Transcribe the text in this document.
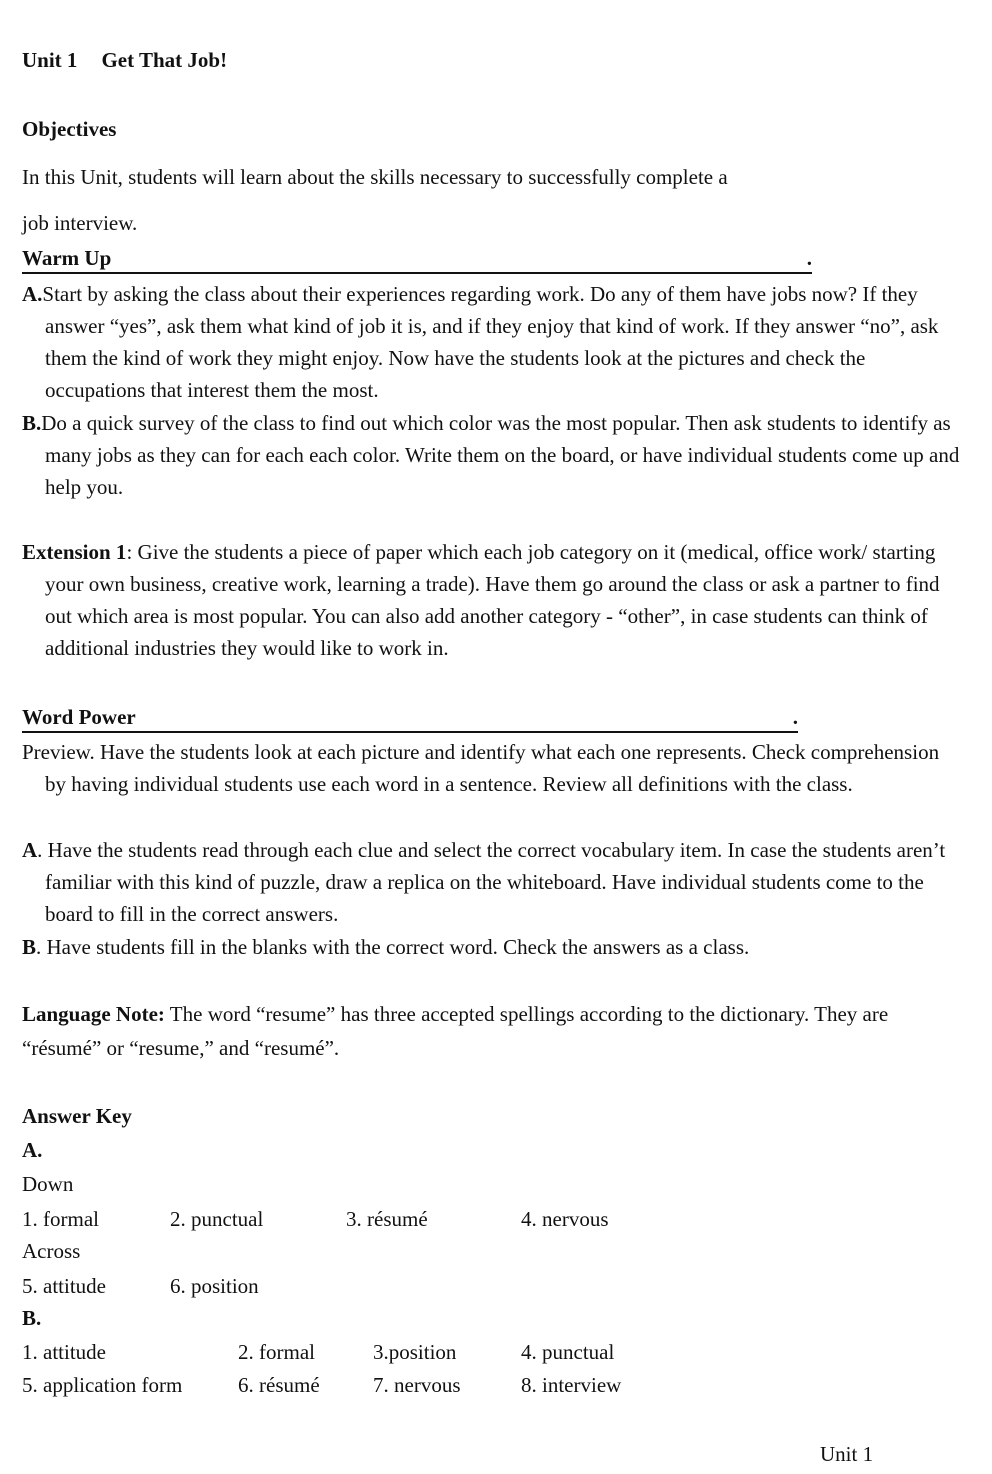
Unit 1 Get That Job!
Objectives
In this Unit, students will learn about the skills necessary to successfully complete a
job interview.
Warm Up	.
A.Start by asking the class about their experiences regarding work. Do any of them have jobs now? If they answer “yes”, ask them what kind of job it is, and if they enjoy that kind of work. If they answer “no”, ask them the kind of work they might enjoy. Now have the students look at the pictures and check the occupations that interest them the most.
B.Do a quick survey of the class to find out which color was the most popular. Then ask students to identify as many jobs as they can for each each color. Write them on the board, or have individual students come up and help you.
Extension 1: Give the students a piece of paper which each job category on it (medical, office work/ starting your own business, creative work, learning a trade). Have them go around the class or ask a partner to find out which area is most popular. You can also add another category - “other”, in case students can think of additional industries they would like to work in.
Word Power	.
Preview. Have the students look at each picture and identify what each one represents. Check comprehension by having individual students use each word in a sentence. Review all definitions with the class.
A. Have the students read through each clue and select the correct vocabulary item. In case the students aren’t familiar with this kind of puzzle, draw a replica on the whiteboard. Have individual students come to the board to fill in the correct answers.
B. Have students fill in the blanks with the correct word. Check the answers as a class.
Language Note: The word “resume” has three accepted spellings according to the dictionary. They are “résumé” or “resume,” and “resumé”.
Answer Key
A.
Down
1. formal	2. punctual	3. résumé	4. nervous
Across
5. attitude	6. position
B.
1. attitude	2. formal	3.position	4. punctual
5. application form	6. résumé	7. nervous	8. interview
Unit 1
